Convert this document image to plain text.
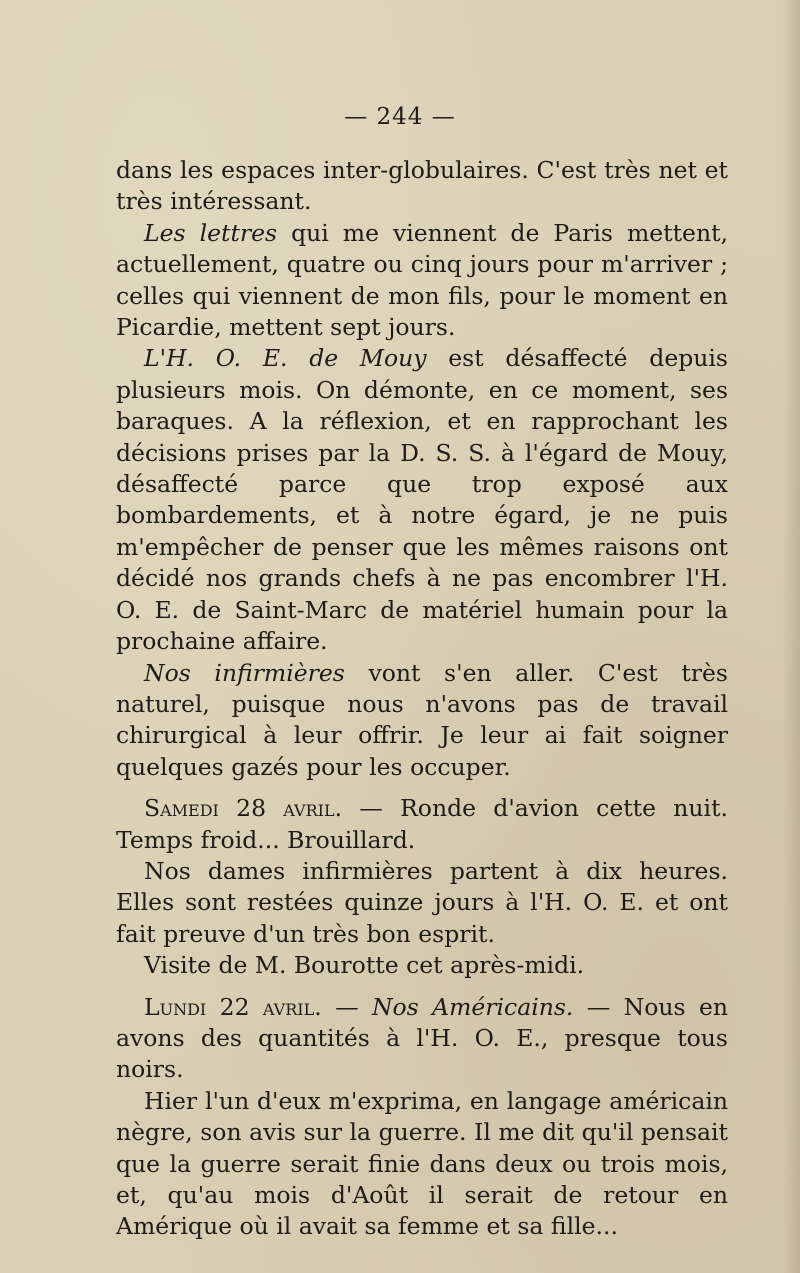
— 244 —

dans les espaces inter-globulaires. C'est très net et très intéressant.

Les lettres qui me viennent de Paris mettent, actuellement, quatre ou cinq jours pour m'arriver ; celles qui viennent de mon fils, pour le moment en Picardie, mettent sept jours.

L'H. O. E. de Mouy est désaffecté depuis plusieurs mois. On démonte, en ce moment, ses baraques. A la réflexion, et en rapprochant les décisions prises par la D. S. S. à l'égard de Mouy, désaffecté parce que trop exposé aux bombardements, et à notre égard, je ne puis m'empêcher de penser que les mêmes raisons ont décidé nos grands chefs à ne pas encombrer l'H. O. E. de Saint-Marc de matériel humain pour la prochaine affaire.

Nos infirmières vont s'en aller. C'est très naturel, puisque nous n'avons pas de travail chirurgical à leur offrir. Je leur ai fait soigner quelques gazés pour les occuper.

Samedi 28 avril. — Ronde d'avion cette nuit. Temps froid... Brouillard.

Nos dames infirmières partent à dix heures. Elles sont restées quinze jours à l'H. O. E. et ont fait preuve d'un très bon esprit.

Visite de M. Bourotte cet après-midi.

Lundi 22 avril. — Nos Américains. — Nous en avons des quantités à l'H. O. E., presque tous noirs.

Hier l'un d'eux m'exprima, en langage américain nègre, son avis sur la guerre. Il me dit qu'il pensait que la guerre serait finie dans deux ou trois mois, et, qu'au mois d'Août il serait de retour en Amérique où il avait sa femme et sa fille...
